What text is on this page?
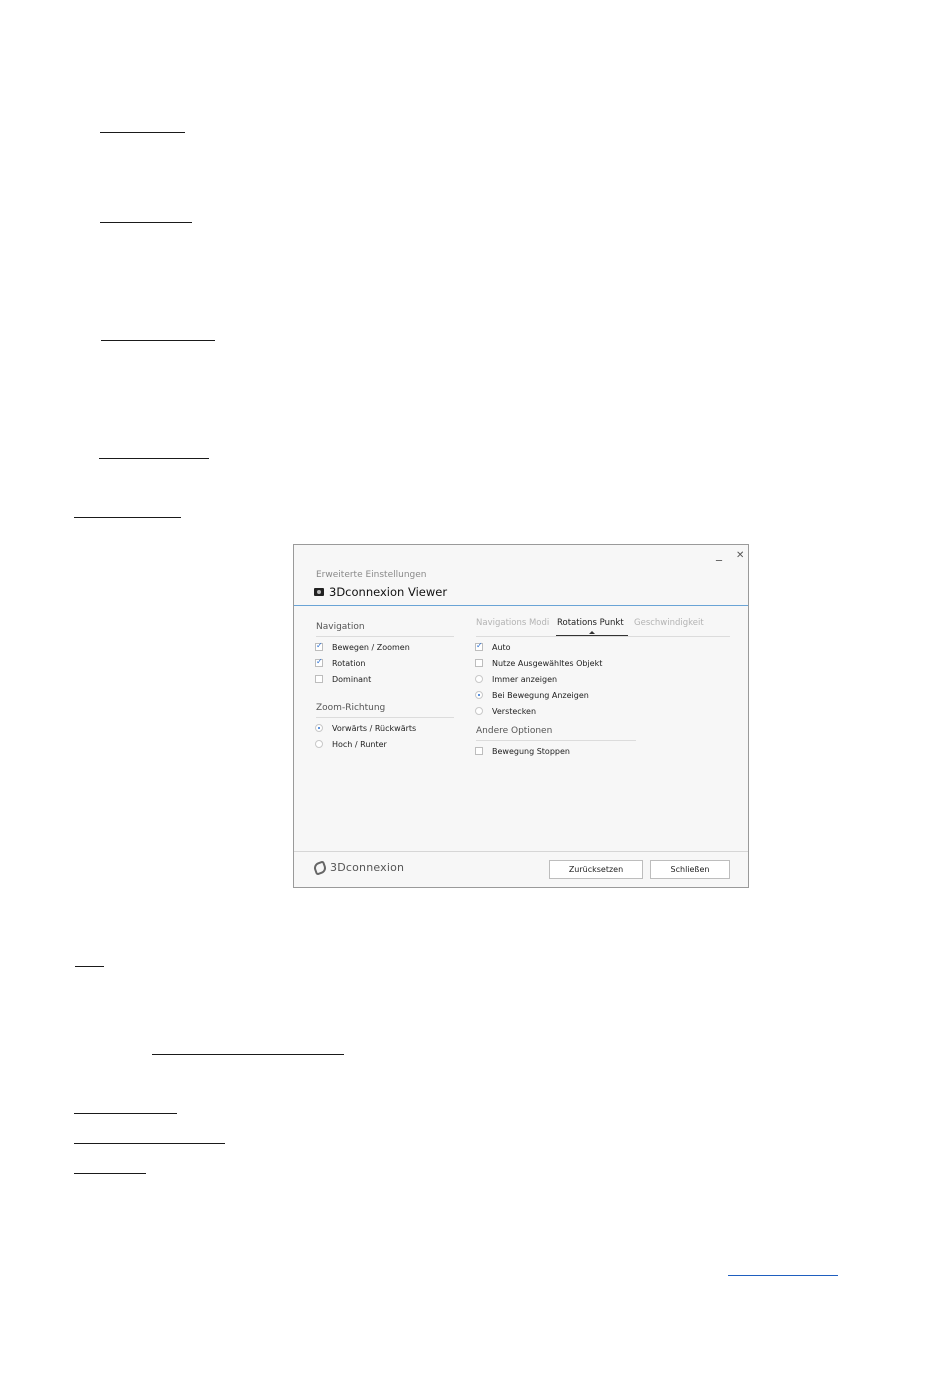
_ ✕
Erweiterte Einstellungen
3Dconnexion Viewer
Navigation
✓
Bewegen / Zoomen
✓
Rotation
Dominant
Zoom-Richtung
Vorwärts / Rückwärts
Hoch / Runter
Navigations Modi Rotations Punkt Geschwindigkeit
✓
Auto
Nutze Ausgewähltes Objekt
Immer anzeigen
Bei Bewegung Anzeigen
Verstecken
Andere Optionen
Bewegung Stoppen
3Dconnexion	Zurücksetzen	Schließen
